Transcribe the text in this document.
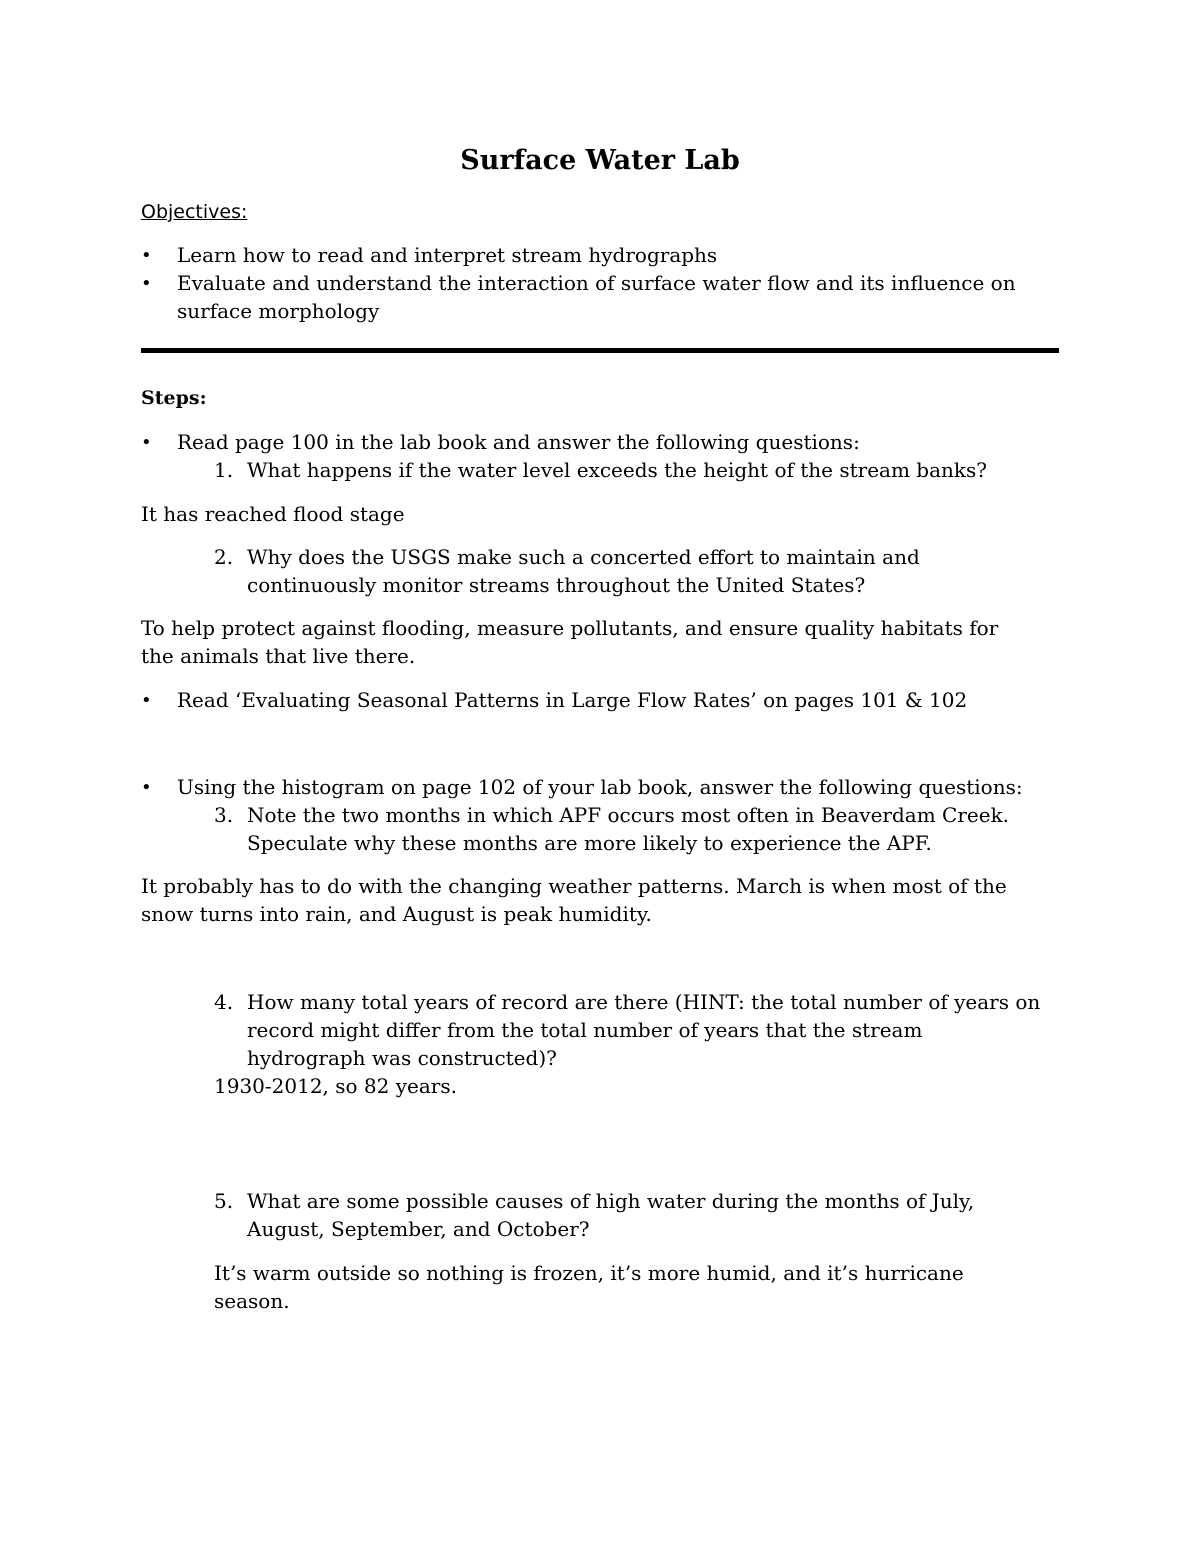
Surface Water Lab
Objectives:
• Learn how to read and interpret stream hydrographs
• Evaluate and understand the interaction of surface water flow and its influence on
surface morphology
Steps:
• Read page 100 in the lab book and answer the following questions:
1. What happens if the water level exceeds the height of the stream banks?
It has reached flood stage
2. Why does the USGS make such a concerted effort to maintain and
continuously monitor streams throughout the United States?
To help protect against flooding, measure pollutants, and ensure quality habitats for
the animals that live there.
• Read ‘Evaluating Seasonal Patterns in Large Flow Rates’ on pages 101 & 102
• Using the histogram on page 102 of your lab book, answer the following questions:
3. Note the two months in which APF occurs most often in Beaverdam Creek.
Speculate why these months are more likely to experience the APF.
It probably has to do with the changing weather patterns. March is when most of the
snow turns into rain, and August is peak humidity.
4. How many total years of record are there (HINT: the total number of years on
record might differ from the total number of years that the stream
hydrograph was constructed)?
1930-2012, so 82 years.
5. What are some possible causes of high water during the months of July,
August, September, and October?
It’s warm outside so nothing is frozen, it’s more humid, and it’s hurricane
season.
